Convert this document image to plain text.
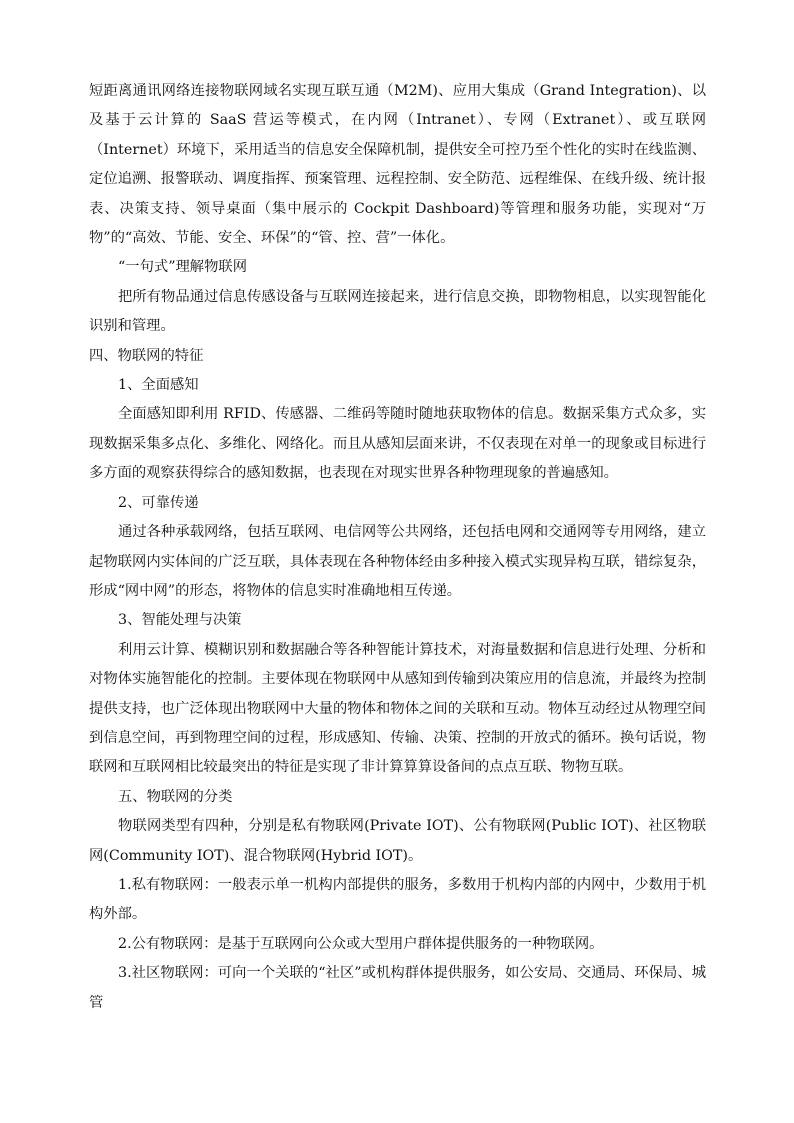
短距离通讯网络连接物联网域名实现互联互通（M2M)、应用大集成（Grand Integration)、以及基于云计算的 SaaS 营运等模式，在内网（Intranet）、专网（Extranet）、或互联网（Internet）环境下，采用适当的信息安全保障机制，提供安全可控乃至个性化的实时在线监测、定位追溯、报警联动、调度指挥、预案管理、远程控制、安全防范、远程维保、在线升级、统计报表、决策支持、领导桌面（集中展示的 Cockpit Dashboard)等管理和服务功能，实现对“万物”的“高效、节能、安全、环保”的“管、控、营”一体化。

“一句式”理解物联网

把所有物品通过信息传感设备与互联网连接起来，进行信息交换，即物物相息，以实现智能化识别和管理。

四、物联网的特征

1、全面感知

全面感知即利用 RFID、传感器、二维码等随时随地获取物体的信息。数据采集方式众多，实现数据采集多点化、多维化、网络化。而且从感知层面来讲，不仅表现在对单一的现象或目标进行多方面的观察获得综合的感知数据，也表现在对现实世界各种物理现象的普遍感知。

2、可靠传递

通过各种承载网络，包括互联网、电信网等公共网络，还包括电网和交通网等专用网络，建立起物联网内实体间的广泛互联，具体表现在各种物体经由多种接入模式实现异构互联，错综复杂，形成“网中网”的形态，将物体的信息实时准确地相互传递。

3、智能处理与决策

利用云计算、模糊识别和数据融合等各种智能计算技术，对海量数据和信息进行处理、分析和对物体实施智能化的控制。主要体现在物联网中从感知到传输到决策应用的信息流，并最终为控制提供支持，也广泛体现出物联网中大量的物体和物体之间的关联和互动。物体互动经过从物理空间到信息空间，再到物理空间的过程，形成感知、传输、决策、控制的开放式的循环。换句话说，物联网和互联网相比较最突出的特征是实现了非计算算算设备间的点点互联、物物互联。

五、物联网的分类

物联网类型有四种，分别是私有物联网(Private IOT)、公有物联网(Public IOT)、社区物联网(Community IOT)、混合物联网(Hybrid IOT)。

1.私有物联网：一般表示单一机构内部提供的服务，多数用于机构内部的内网中，少数用于机构外部。

2.公有物联网：是基于互联网向公众或大型用户群体提供服务的一种物联网。

3.社区物联网：可向一个关联的“社区”或机构群体提供服务，如公安局、交通局、环保局、城管
